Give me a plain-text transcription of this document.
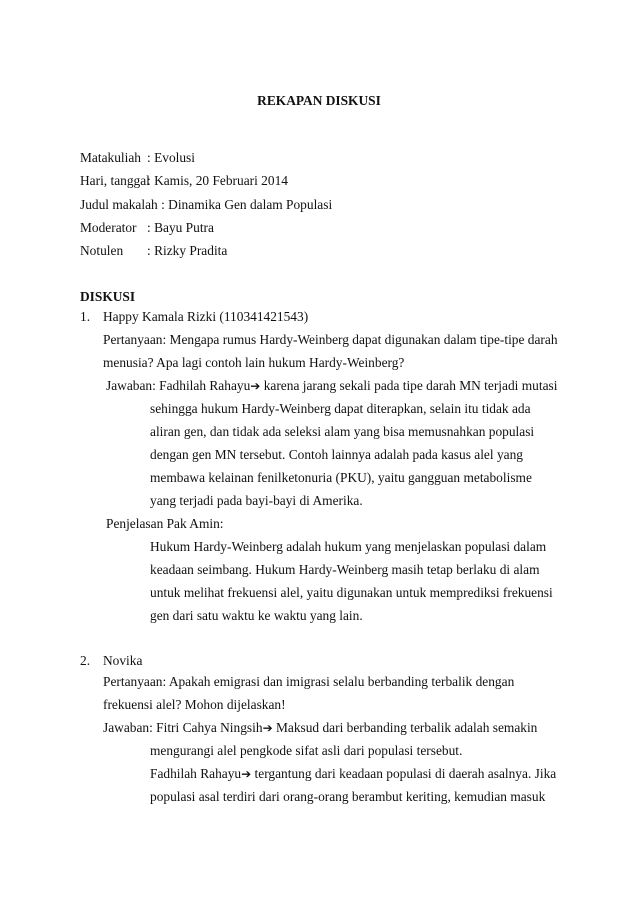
REKAPAN DISKUSI
Matakuliah : Evolusi
Hari, tanggal
: Kamis, 20 Februari 2014
Judul makalah : Dinamika Gen dalam Populasi
Moderator : Bayu Putra
Notulen : Rizky Pradita
DISKUSI
1. Happy Kamala Rizki (110341421543)
Pertanyaan: Mengapa rumus Hardy-Weinberg dapat digunakan dalam tipe-tipe darah
menusia? Apa lagi contoh lain hukum Hardy-Weinberg?
Jawaban: Fadhilah Rahayu➔ karena jarang sekali pada tipe darah MN terjadi mutasi
sehingga hukum Hardy-Weinberg dapat diterapkan, selain itu tidak ada
aliran gen, dan tidak ada seleksi alam yang bisa memusnahkan populasi
dengan gen MN tersebut. Contoh lainnya adalah pada kasus alel yang
membawa kelainan fenilketonuria (PKU), yaitu gangguan metabolisme
yang terjadi pada bayi-bayi di Amerika.
Penjelasan Pak Amin:
Hukum Hardy-Weinberg adalah hukum yang menjelaskan populasi dalam
keadaan seimbang. Hukum Hardy-Weinberg masih tetap berlaku di alam
untuk melihat frekuensi alel, yaitu digunakan untuk memprediksi frekuensi
gen dari satu waktu ke waktu yang lain.
2. Novika
Pertanyaan: Apakah emigrasi dan imigrasi selalu berbanding terbalik dengan
frekuensi alel? Mohon dijelaskan!
Jawaban: Fitri Cahya Ningsih➔ Maksud dari berbanding terbalik adalah semakin
mengurangi alel pengkode sifat asli dari populasi tersebut.
Fadhilah Rahayu➔ tergantung dari keadaan populasi di daerah asalnya. Jika
populasi asal terdiri dari orang-orang berambut keriting, kemudian masuk
